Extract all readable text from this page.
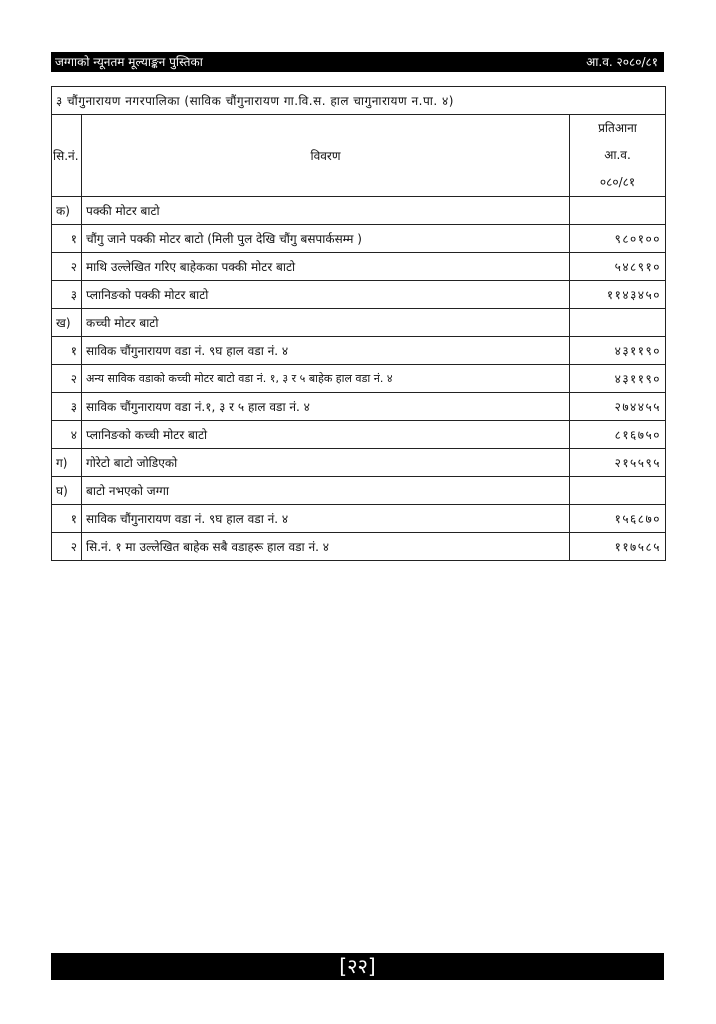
जग्गाको न्यूनतम मूल्याङ्कन पुस्तिका	आ.व. २०८०/८१
३ चौंगुनारायण नगरपालिका (साविक चौंगुनारायण गा.वि.स. हाल चागुनारायण न.पा. ४)		
सि.नं.	विवरण	प्रतिआना
आ.व.
०८०/८१

क)	पक्की मोटर बाटो	
१	चौंगु जाने पक्की मोटर बाटो (मिली पुल देखि चौंगु बसपार्कसम्म )	९८०१००
२	माथि उल्लेखित गरिए बाहेकका पक्की मोटर बाटो	५४८९१०
३	प्लानिङको पक्की मोटर बाटो	११४३४५०
ख)	कच्ची मोटर बाटो	
१	साविक चौंगुनारायण वडा नं. ९घ हाल वडा नं. ४	४३११९०
२	अन्य साविक वडाको कच्ची मोटर बाटो वडा नं. १, ३ र ५ बाहेक हाल वडा नं. ४	४३११९०
३	साविक चौंगुनारायण वडा नं.१, ३ र ५ हाल वडा नं. ४	२७४४५५
४	प्लानिङको कच्ची मोटर बाटो	८१६७५०
ग)	गोरेटो बाटो जोडिएको	२१५५९५
घ)	बाटो नभएको जग्गा	
१	साविक चौंगुनारायण वडा नं. ९घ हाल वडा नं. ४	१५६८७०
२	सि.नं. १ मा उल्लेखित बाहेक सबै वडाहरू हाल वडा नं. ४	११७५८५
[२२]
